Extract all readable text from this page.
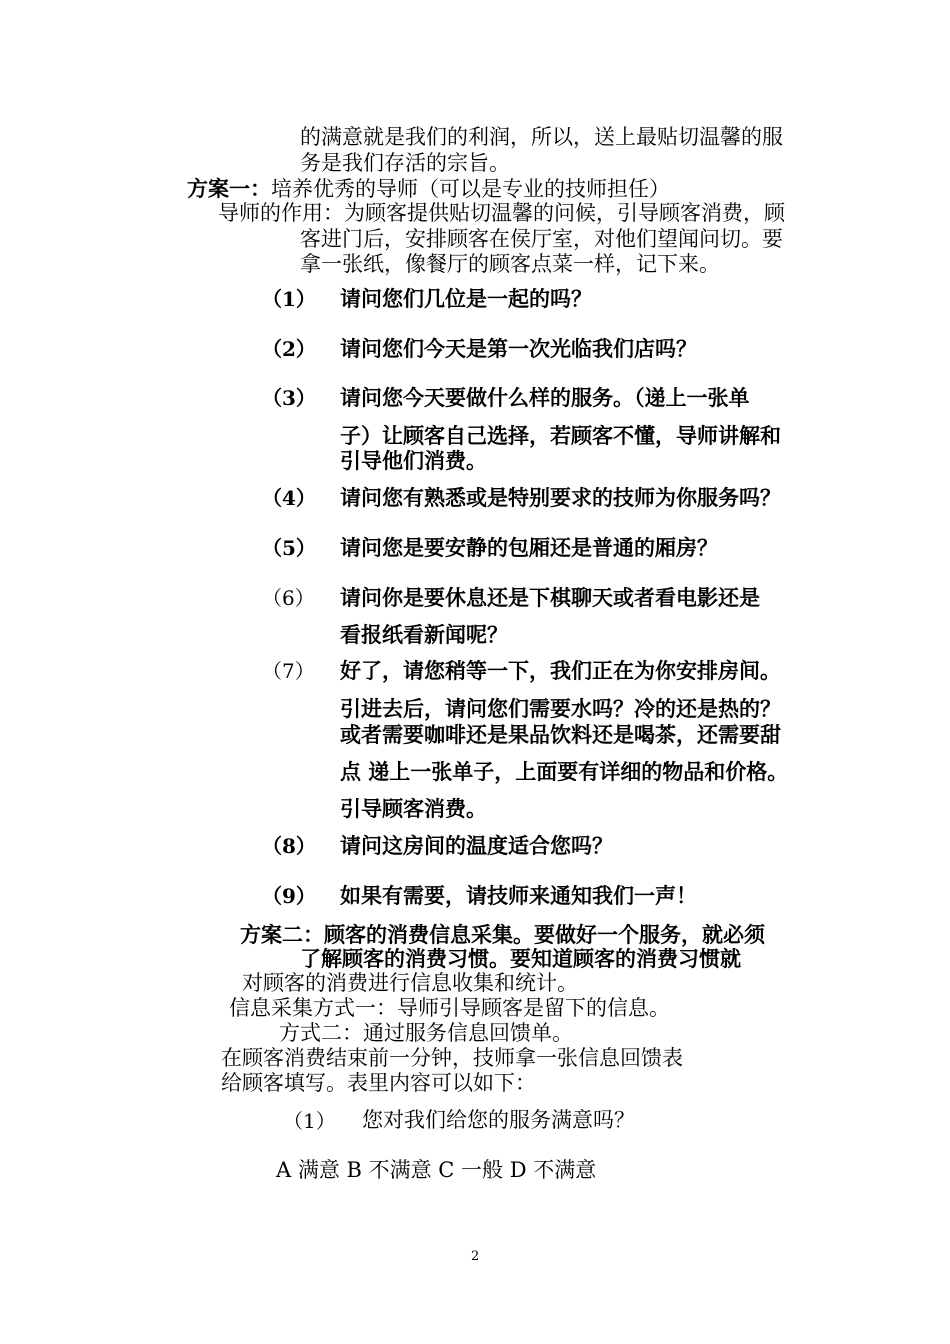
的满意就是我们的利润，所以，送上最贴切温馨的服
务是我们存活的宗旨。
方案一：培养优秀的导师（可以是专业的技师担任）
导师的作用：为顾客提供贴切温馨的问候，引导顾客消费，顾
客进门后，安排顾客在侯厅室，对他们望闻问切。要
拿一张纸，像餐厅的顾客点菜一样，记下来。
（1） 请问您们几位是一起的吗？
（2） 请问您们今天是第一次光临我们店吗？
（3） 请问您今天要做什么样的服务。（递上一张单
子）让顾客自己选择，若顾客不懂，导师讲解和
引导他们消费。
（4） 请问您有熟悉或是特别要求的技师为你服务吗？
（5） 请问您是要安静的包厢还是普通的厢房？
（6） 请问你是要休息还是下棋聊天或者看电影还是
看报纸看新闻呢？
（7） 好了，请您稍等一下，我们正在为你安排房间。
引进去后，请问您们需要水吗？冷的还是热的？
或者需要咖啡还是果品饮料还是喝茶，还需要甜
点 递上一张单子，上面要有详细的物品和价格。
引导顾客消费。
（8） 请问这房间的温度适合您吗？
（9） 如果有需要，请技师来通知我们一声！
方案二：顾客的消费信息采集。要做好一个服务，就必须
了解顾客的消费习惯。要知道顾客的消费习惯就
对顾客的消费进行信息收集和统计。
信息采集方式一：导师引导顾客是留下的信息。
方式二：通过服务信息回馈单。
在顾客消费结束前一分钟，技师拿一张信息回馈表
给顾客填写。表里内容可以如下：
（1） 您对我们给您的服务满意吗？
A 满意 B 不满意 C 一般 D 不满意
2
